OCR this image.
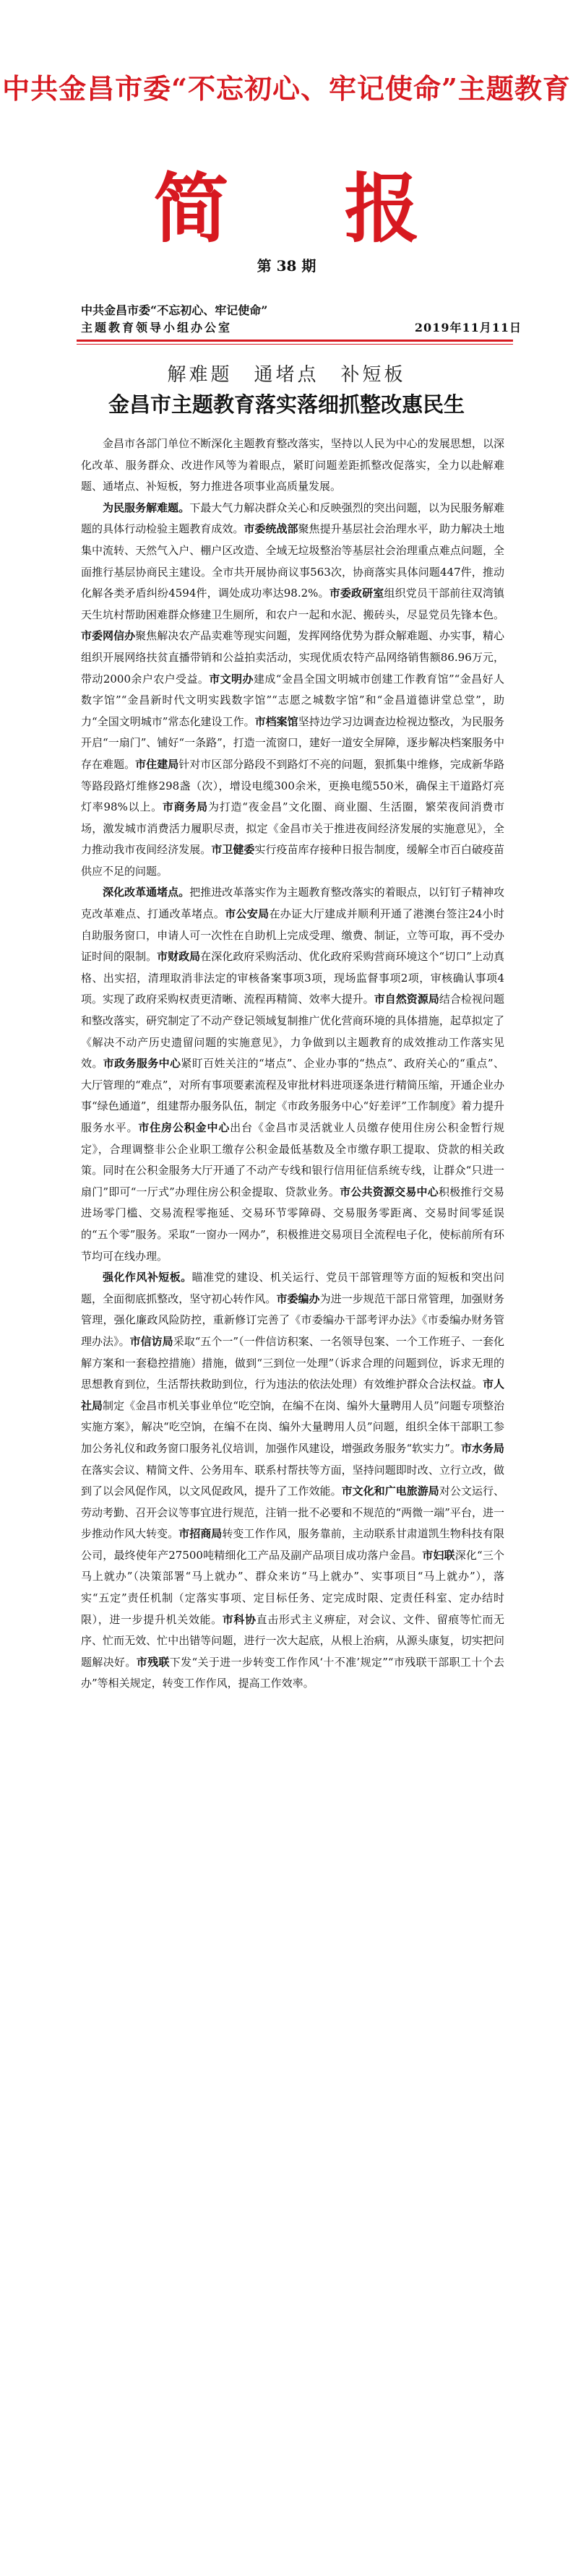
中共金昌市委“不忘初心、牢记使命”主题教育
简 报
第 38 期
中共金昌市委“不忘初心、牢记使命”
主题教育领导小组办公室	2019年11月11日
解难题　通堵点　补短板
金昌市主题教育落实落细抓整改惠民生

金昌市各部门单位不断深化主题教育整改落实，坚持以人民为中心的发展思想，以深化改革、服务群众、改进作风等为着眼点，紧盯问题差距抓整改促落实，全力以赴解难题、通堵点、补短板，努力推进各项事业高质量发展。

为民服务解难题。下最大气力解决群众关心和反映强烈的突出问题，以为民服务解难题的具体行动检验主题教育成效。市委统战部聚焦提升基层社会治理水平，助力解决土地集中流转、天然气入户、棚户区改造、全域无垃圾整治等基层社会治理重点难点问题，全面推行基层协商民主建设。全市共开展协商议事563次，协商落实具体问题447件，推动化解各类矛盾纠纷4594件，调处成功率达98.2%。市委政研室组织党员干部前往双湾镇天生坑村帮助困难群众修建卫生厕所，和农户一起和水泥、搬砖头，尽显党员先锋本色。市委网信办聚焦解决农产品卖难等现实问题，发挥网络优势为群众解难题、办实事，精心组织开展网络扶贫直播带销和公益拍卖活动，实现优质农特产品网络销售额86.96万元，带动2000余户农户受益。市文明办建成“金昌全国文明城市创建工作教育馆”“金昌好人数字馆”“金昌新时代文明实践数字馆”“志愿之城数字馆”和“金昌道德讲堂总堂”，助力“全国文明城市”常态化建设工作。市档案馆坚持边学习边调查边检视边整改，为民服务开启“一扇门”、铺好“一条路”，打造一流窗口，建好一道安全屏障，逐步解决档案服务中存在难题。市住建局针对市区部分路段不到路灯不亮的问题，狠抓集中维修，完成新华路等路段路灯维修298盏（次），增设电缆300余米，更换电缆550米，确保主干道路灯亮灯率98%以上。市商务局为打造“夜金昌”文化圈、商业圈、生活圈，繁荣夜间消费市场，激发城市消费活力履职尽责，拟定《金昌市关于推进夜间经济发展的实施意见》，全力推动我市夜间经济发展。市卫健委实行疫苗库存接种日报告制度，缓解全市百白破疫苗供应不足的问题。

深化改革通堵点。把推进改革落实作为主题教育整改落实的着眼点，以钉钉子精神攻克改革难点、打通改革堵点。市公安局在办证大厅建成并顺利开通了港澳台签注24小时自助服务窗口，申请人可一次性在自助机上完成受理、缴费、制证，立等可取，再不受办证时间的限制。市财政局在深化政府采购活动、优化政府采购营商环境这个“切口”上动真格、出实招，清理取消非法定的审核备案事项3项，现场监督事项2项，审核确认事项4项。实现了政府采购权责更清晰、流程再精简、效率大提升。市自然资源局结合检视问题和整改落实，研究制定了不动产登记领域复制推广优化营商环境的具体措施，起草拟定了《解决不动产历史遗留问题的实施意见》，力争做到以主题教育的成效推动工作落实见效。市政务服务中心紧盯百姓关注的“堵点”、企业办事的“热点”、政府关心的“重点”、大厅管理的“难点”，对所有事项要素流程及审批材料进项逐条进行精简压缩，开通企业办事“绿色通道”，组建帮办服务队伍，制定《市政务服务中心“好差评”工作制度》着力提升服务水平。市住房公积金中心出台《金昌市灵活就业人员缴存使用住房公积金暂行规定》，合理调整非公企业职工缴存公积金最低基数及全市缴存职工提取、贷款的相关政策。同时在公积金服务大厅开通了不动产专线和银行信用征信系统专线，让群众“只进一扇门”即可“一厅式”办理住房公积金提取、贷款业务。市公共资源交易中心积极推行交易进场零门槛、交易流程零拖延、交易环节零障碍、交易服务零距离、交易时间零延误的“五个零”服务。采取“一窗办一网办”，积极推进交易项目全流程电子化，使标前所有环节均可在线办理。

强化作风补短板。瞄准党的建设、机关运行、党员干部管理等方面的短板和突出问题，全面彻底抓整改，坚守初心转作风。市委编办为进一步规范干部日常管理，加强财务管理，强化廉政风险防控，重新修订完善了《市委编办干部考评办法》《市委编办财务管理办法》。市信访局采取“五个一”（一件信访积案、一名领导包案、一个工作班子、一套化解方案和一套稳控措施）措施，做到“三到位一处理”（诉求合理的问题到位，诉求无理的思想教育到位，生活帮扶救助到位，行为违法的依法处理）有效维护群众合法权益。市人社局制定《金昌市机关事业单位“吃空饷，在编不在岗、编外大量聘用人员”问题专项整治实施方案》，解决“吃空饷，在编不在岗、编外大量聘用人员”问题，组织全体干部职工参加公务礼仪和政务窗口服务礼仪培训，加强作风建设，增强政务服务“软实力”。市水务局在落实会议、精简文件、公务用车、联系村帮扶等方面，坚持问题即时改、立行立改，做到了以会风促作风，以文风促政风，提升了工作效能。市文化和广电旅游局对公文运行、劳动考勤、召开会议等事宜进行规范，注销一批不必要和不规范的“两微一端”平台，进一步推动作风大转变。市招商局转变工作作风，服务靠前，主动联系甘肃道凯生物科技有限公司，最终使年产27500吨精细化工产品及副产品项目成功落户金昌。市妇联深化“三个马上就办”（决策部署“马上就办”、群众来访“马上就办”、实事项目“马上就办”），落实“五定”责任机制（定落实事项、定目标任务、定完成时限、定责任科室、定办结时限），进一步提升机关效能。市科协直击形式主义痹症，对会议、文件、留痕等忙而无序、忙而无效、忙中出错等问题，进行一次大起底，从根上治病，从源头康复，切实把问题解决好。市残联下发“关于进一步转变工作作风‘十不准’规定”“市残联干部职工十个去办”等相关规定，转变工作作风，提高工作效率。
